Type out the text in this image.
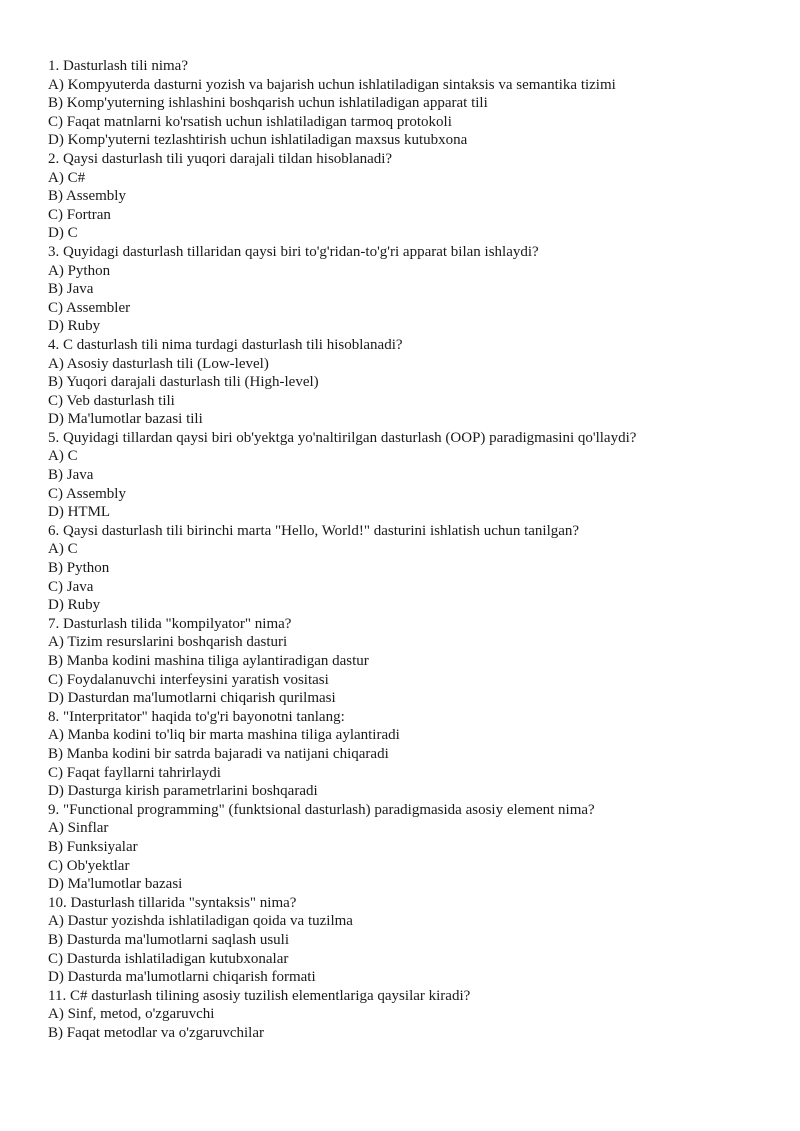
1 . Dasturlash tili nima?
A ) Kompyuterda dasturni yozish va bajarish uchun ishlatiladigan sintaksis va semantika tizimi
B ) Komp'yuterning ishlashini boshqarish uchun ishlatiladigan apparat tili
C ) Faqat matnlarni ko'rsatish uchun ishlatiladigan tarmoq protokoli
D ) Komp'yuterni tezlashtirish uchun ishlatiladigan maxsus kutubxona
2 . Qaysi dasturlash tili yuqori darajali tildan hisoblanadi?
A ) C#
B ) Assembly
C ) Fortran
D ) C
3 . Quyidagi dasturlash tillaridan qaysi biri to'g'ridan-to'g'ri apparat bilan ishlaydi?
A ) Python
B ) Java
C ) Assembler
D ) Ruby
4 . C dasturlash tili nima turdagi dasturlash tili hisoblanadi?
A ) Asosiy dasturlash tili (Low-level)
B ) Yuqori darajali dasturlash tili (High-level)
C ) Veb dasturlash tili
D ) Ma'lumotlar bazasi tili
5 . Quyidagi tillardan qaysi biri ob'yektga yo'naltirilgan dasturlash (OOP) paradigmasini qo'llaydi?
A ) C
B ) Java
C ) Assembly
D ) HTML
6 . Qaysi dasturlash tili birinchi marta "Hello, World!" dasturini ishlatish uchun tanilgan?
A ) C
B ) Python
C ) Java
D ) Ruby
7 . Dasturlash tilida "kompilyator" nima?
A ) Tizim resurslarini boshqarish dasturi
B ) Manba kodini mashina tiliga aylantiradigan dastur
C ) Foydalanuvchi interfeysini yaratish vositasi
D ) Dasturdan ma'lumotlarni chiqarish qurilmasi
8 . "Interpritator" haqida to'g'ri bayonotni tanlang:
A ) Manba kodini to'liq bir marta mashina tiliga aylantiradi
B ) Manba kodini bir satrda bajaradi va natijani chiqaradi
C ) Faqat fayllarni tahrirlaydi
D ) Dasturga kirish parametrlarini boshqaradi
9 . "Functional programming" (funktsional dasturlash) paradigmasida asosiy element nima?
A ) Sinflar
B ) Funksiyalar
C ) Ob'yektlar
D ) Ma'lumotlar bazasi
10 . Dasturlash tillarida "syntaksis" nima?
A ) Dastur yozishda ishlatiladigan qoida va tuzilma
B ) Dasturda ma'lumotlarni saqlash usuli
C ) Dasturda ishlatiladigan kutubxonalar
D ) Dasturda ma'lumotlarni chiqarish formati
11 . C# dasturlash tilining asosiy tuzilish elementlariga qaysilar kiradi?
A ) Sinf, metod, o'zgaruvchi
B ) Faqat metodlar va o'zgaruvchilar
